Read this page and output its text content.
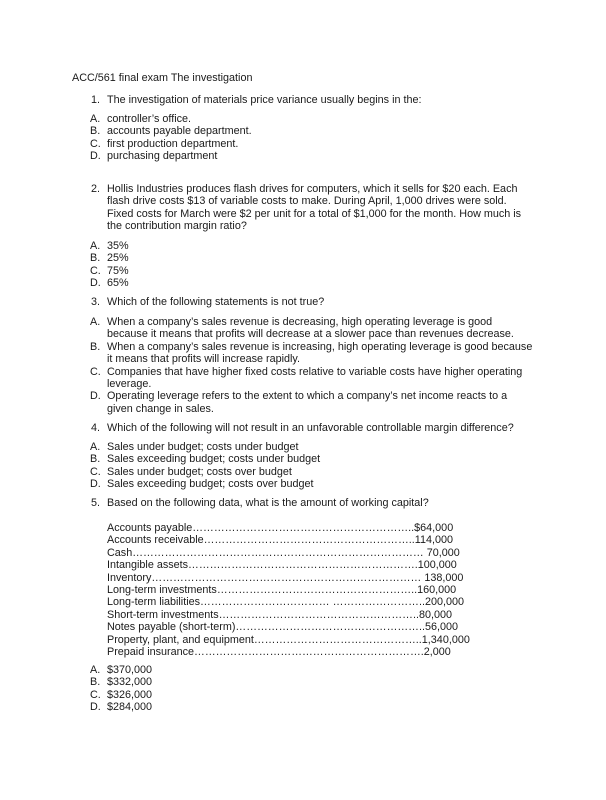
ACC/561 final exam The investigation
1. The investigation of materials price variance usually begins in the:
A. controller’s office.
B. accounts payable department.
C. first production department.
D. purchasing department
2. Hollis Industries produces flash drives for computers, which it sells for $20 each. Each flash drive costs $13 of variable costs to make. During April, 1,000 drives were sold. Fixed costs for March were $2 per unit for a total of $1,000 for the month. How much is the contribution margin ratio?
A. 35%
B. 25%
C. 75%
D. 65%
3. Which of the following statements is not true?
A. When a company’s sales revenue is decreasing, high operating leverage is good because it means that profits will decrease at a slower pace than revenues decrease.
B. When a company’s sales revenue is increasing, high operating leverage is good because it means that profits will increase rapidly.
C. Companies that have higher fixed costs relative to variable costs have higher operating leverage.
D. Operating leverage refers to the extent to which a company’s net income reacts to a given change in sales.
4. Which of the following will not result in an unfavorable controllable margin difference?
A. Sales under budget; costs under budget
B. Sales exceeding budget; costs under budget
C. Sales under budget; costs over budget
D. Sales exceeding budget; costs over budget
5. Based on the following data, what is the amount of working capital?
Accounts payable……………………………………………………..$64,000
Accounts receivable…………………………………………………..114,000
Cash……………………………………………………………………… 70,000
Intangible assets……………………………………………………….100,000
Inventory………………………………………………………………… 138,000
Long-term investments………………………………………………..160,000
Long-term liabilities……………………………… ……………………..200,000
Short-term investments………………………………………………..80,000
Notes payable (short-term)……………………………………………..56,000
Property, plant, and equipment………………………………………..1,340,000
Prepaid insurance……………………………………………………….2,000
A. $370,000
B. $332,000
C. $326,000
D. $284,000
